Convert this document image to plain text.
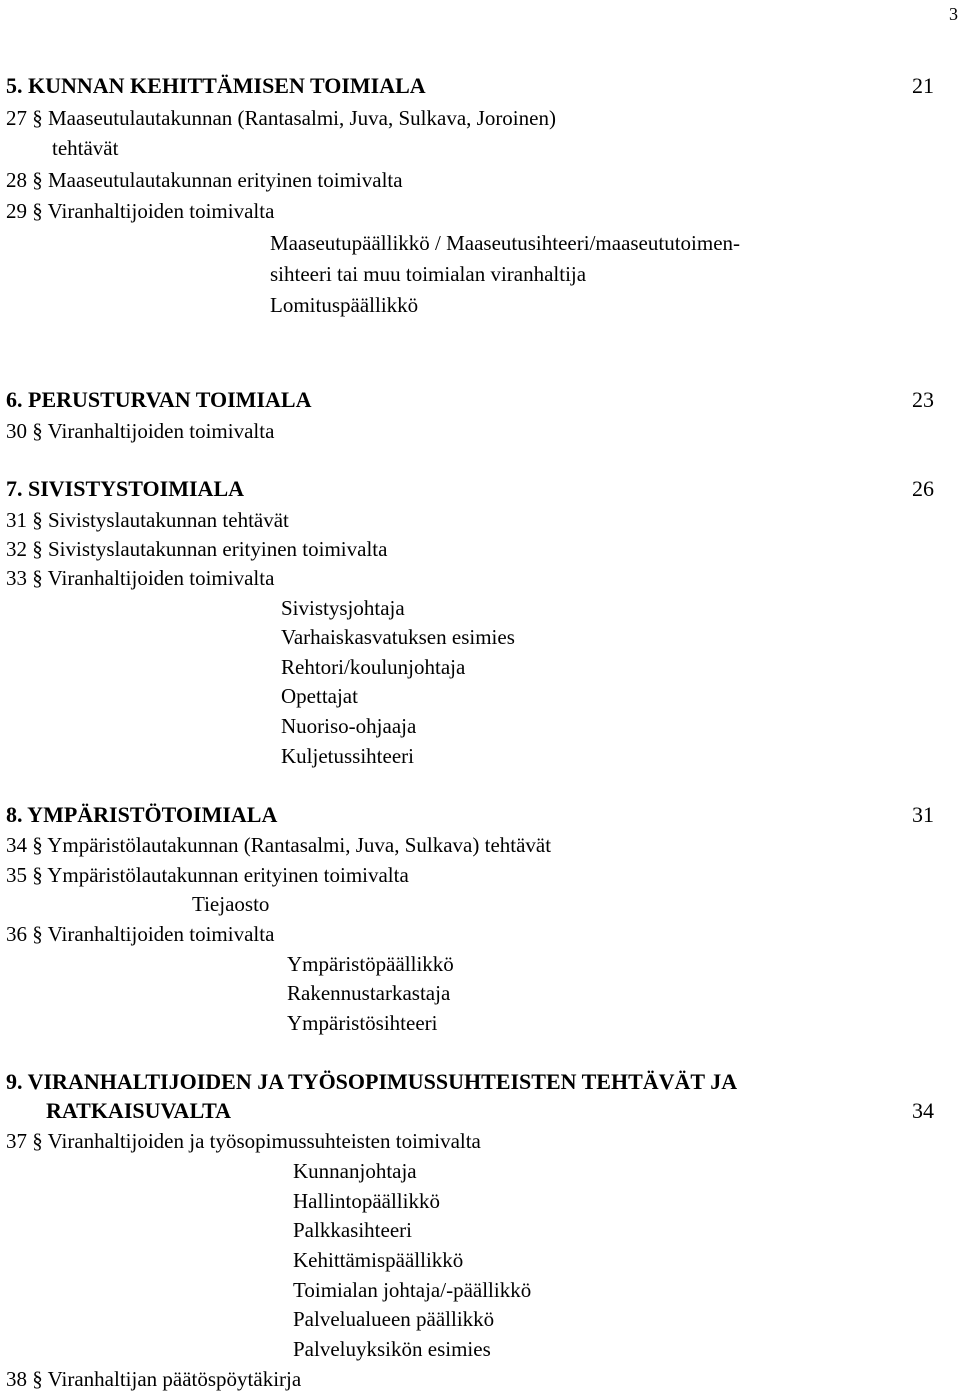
3
5. KUNNAN KEHITTÄMISEN TOIMIALA	21
27 § Maaseutulautakunnan (Rantasalmi, Juva, Sulkava, Joroinen)
tehtävät
28 § Maaseutulautakunnan erityinen toimivalta
29 § Viranhaltijoiden toimivalta
Maaseutupäällikkö / Maaseutusihteeri/maaseututoimen-
sihteeri tai muu toimialan viranhaltija
Lomituspäällikkö
6. PERUSTURVAN TOIMIALA	23
30 § Viranhaltijoiden toimivalta
7. SIVISTYSTOIMIALA	26
31 § Sivistyslautakunnan tehtävät
32 § Sivistyslautakunnan erityinen toimivalta
33 § Viranhaltijoiden toimivalta
Sivistysjohtaja
Varhaiskasvatuksen esimies
Rehtori/koulunjohtaja
Opettajat
Nuoriso-ohjaaja
Kuljetussihteeri
8. YMPÄRISTÖTOIMIALA	31
34 § Ympäristölautakunnan (Rantasalmi, Juva, Sulkava) tehtävät
35 § Ympäristölautakunnan erityinen toimivalta
Tiejaosto
36 § Viranhaltijoiden toimivalta
Ympäristöpäällikkö
Rakennustarkastaja
Ympäristösihteeri
9. VIRANHALTIJOIDEN JA TYÖSOPIMUSSUHTEISTEN TEHTÄVÄT JA
RATKAISUVALTA	34
37 § Viranhaltijoiden ja työsopimussuhteisten toimivalta
Kunnanjohtaja
Hallintopäällikkö
Palkkasihteeri
Kehittämispäällikkö
Toimialan johtaja/-päällikkö
Palvelualueen päällikkö
Palveluyksikön esimies
38 § Viranhaltijan päätöspöytäkirja
